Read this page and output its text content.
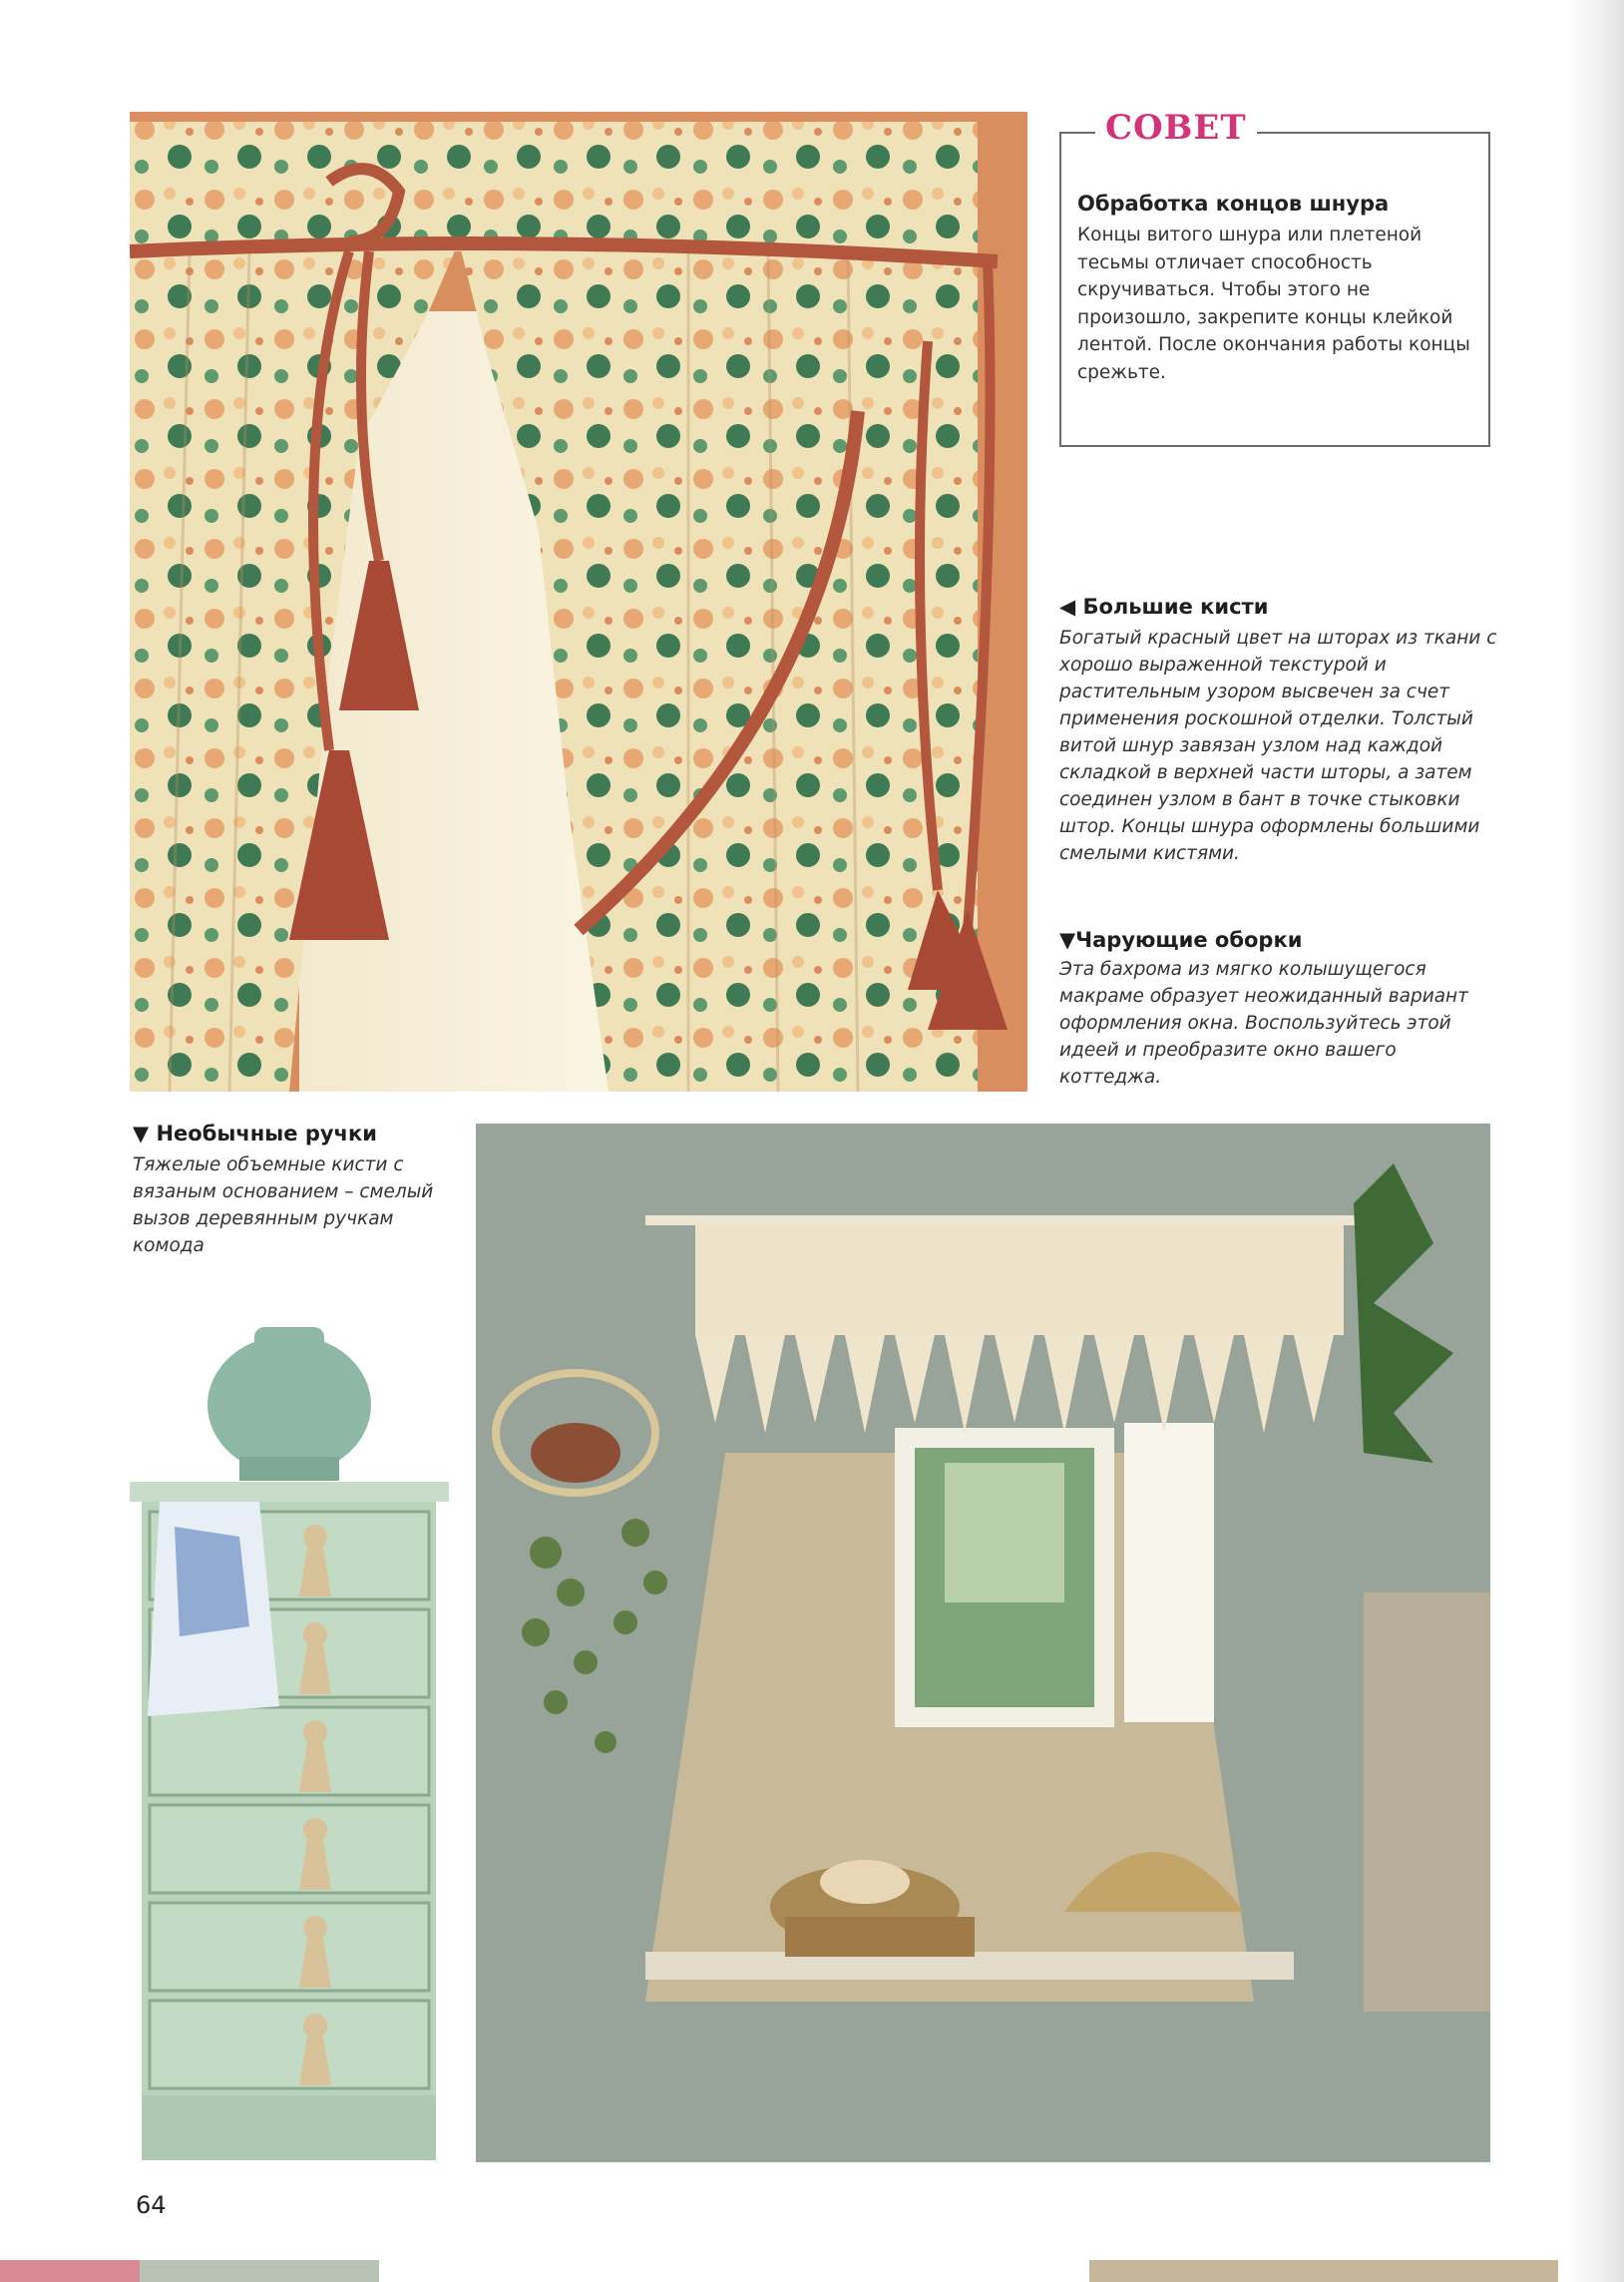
СОВЕТ
Обработка концов шнура
Концы витого шнура или плетеной тесьмы отличает способность скручиваться. Чтобы этого не произошло, закрепите концы клейкой лентой. После окончания работы концы срежьте.
◀ Большие кисти
Богатый красный цвет на шторах из ткани с хорошо выраженной текстурой и растительным узором высвечен за счет применения роскошной отделки. Толстый витой шнур завязан узлом над каждой складкой в верхней части шторы, а затем соединен узлом в бант в точке стыковки штор. Концы шнура оформлены большими смелыми кистями.
▼Чарующие оборки
Эта бахрома из мягко колышущегося макраме образует неожиданный вариант оформления окна. Воспользуйтесь этой идеей и преобразите окно вашего коттеджа.
▼ Необычные ручки
Тяжелые объемные кисти с вязаным основанием – смелый вызов деревянным ручкам комода
64
